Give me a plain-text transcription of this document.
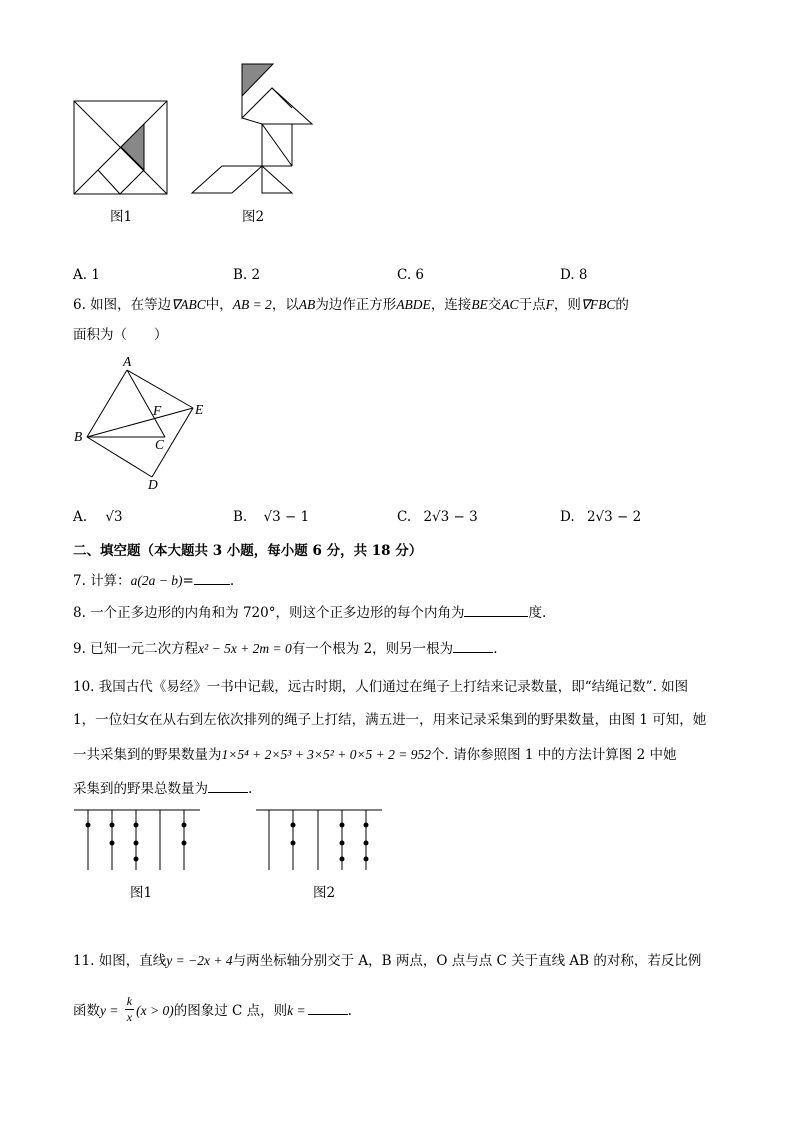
图1	图2
A. 1	B. 2	C. 6	D. 8
6. 如图，在等边∇ABC中，AB = 2，以AB为边作正方形ABDE，连接BE交AC于点F，则∇FBC的
面积为（　　）
A
B
C
D
E
F
A. √3	B. √3 − 1	C. 2√3 − 3	D. 2√3 − 2
二、填空题（本大题共 3 小题，每小题 6 分，共 18 分）
7. 计算：a(2a − b)=	.
8. 一个正多边形的内角和为 720°，则这个正多边形的每个内角为	度.
9. 已知一元二次方程x² − 5x + 2m = 0有一个根为 2，则另一根为	.
10. 我国古代《易经》一书中记载，远古时期，人们通过在绳子上打结来记录数量，即“结绳记数”. 如图
1，一位妇女在从右到左依次排列的绳子上打结，满五进一，用来记录采集到的野果数量，由图 1 可知，她
一共采集到的野果数量为1×5⁴ + 2×5³ + 3×5² + 0×5 + 2 = 952个. 请你参照图 1 中的方法计算图 2 中她
采集到的野果总数量为	.
图1	图2
11. 如图，直线y = −2x + 4与两坐标轴分别交于 A，B 两点，O 点与点 C 关于直线 AB 的对称，若反比例
函数$y = \frac{k}{x} (x > 0)$的图象过 C 点，则k =	.
